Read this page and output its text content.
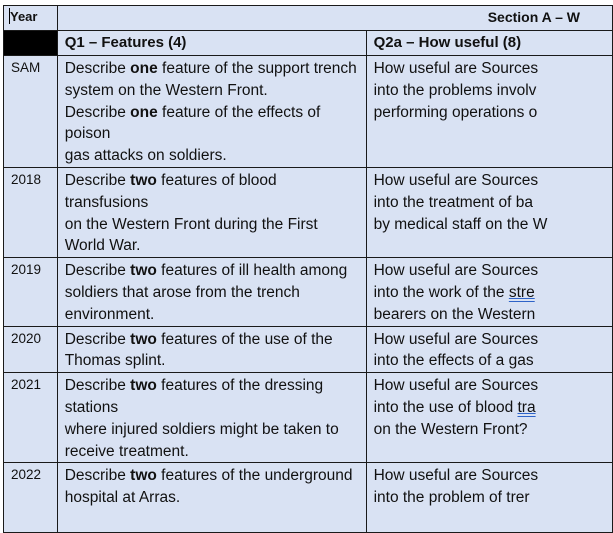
Year	Section A – W	
	Q1 – Features (4)	Q2a – How useful (8)
SAM	Describe one feature of the support trench
system on the Western Front.
Describe one feature of the effects of poison
gas attacks on soldiers.	How useful are Sources
into the problems involv
performing operations o

2018	Describe two features of blood transfusions
on the Western Front during the First
World War.	How useful are Sources
into the treatment of ba
by medical staff on the W

2019	Describe two features of ill health among
soldiers that arose from the trench
environment.	How useful are Sources
into the work of the stre
bearers on the Western

2020	Describe two features of the use of the
Thomas splint.	How useful are Sources
into the effects of a gas

2021	Describe two features of the dressing stations
where injured soldiers might be taken to
receive treatment.	How useful are Sources
into the use of blood tra
on the Western Front?

2022	Describe two features of the underground
hospital at Arras.	How useful are Sources
into the problem of trer
